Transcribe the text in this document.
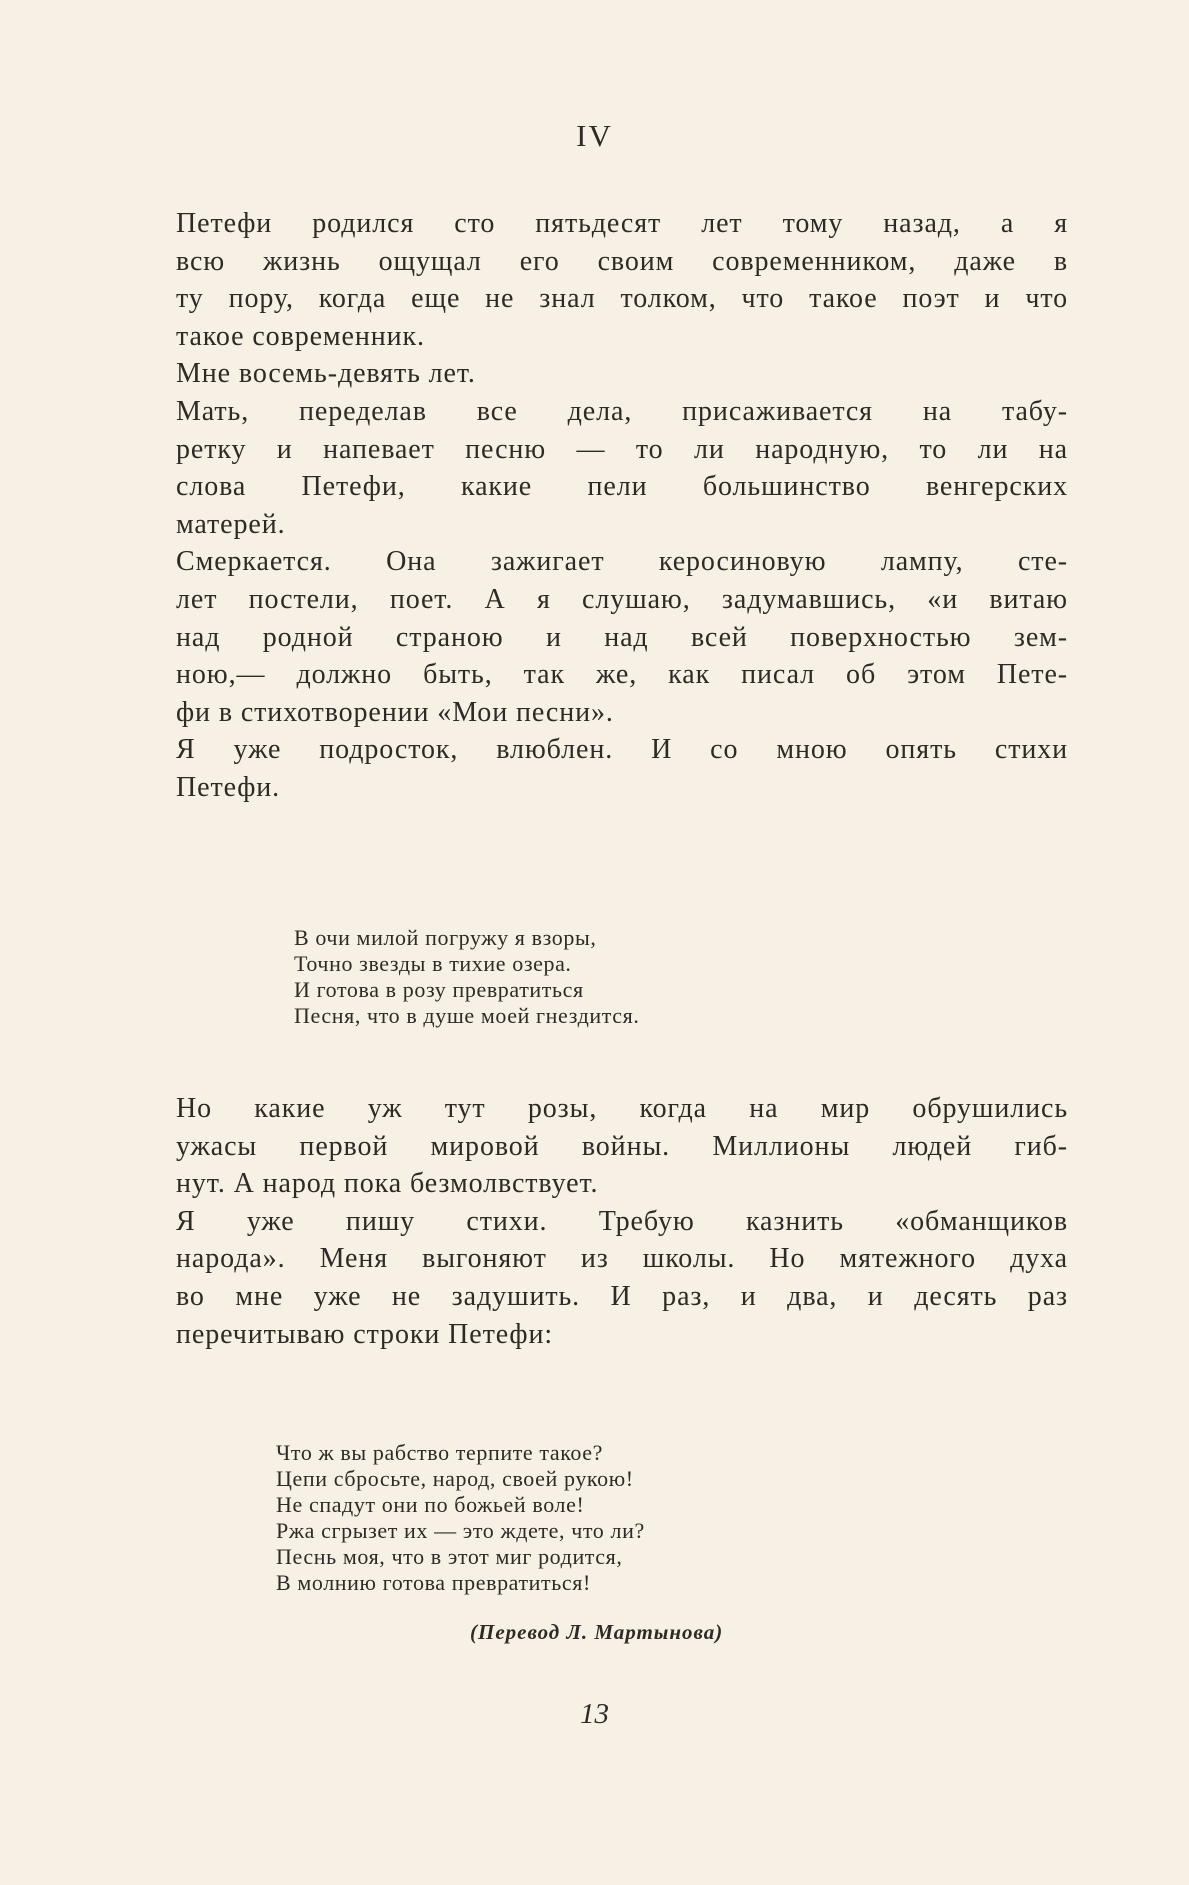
IV
Петефи родился сто пятьдесят лет тому назад, а я
всю жизнь ощущал его своим современником, даже в
ту пору, когда еще не знал толком, что такое поэт и что
такое современник.
Мне восемь-девять лет.
Мать, переделав все дела, присаживается на табу-
ретку и напевает песню — то ли народную, то ли на
слова Петефи, какие пели большинство венгерских
матерей.
Смеркается. Она зажигает керосиновую лампу, сте-
лет постели, поет. А я слушаю, задумавшись, «и витаю
над родной страною и над всей поверхностью зем-
ною,— должно быть, так же, как писал об этом Пете-
фи в стихотворении «Мои песни».
Я уже подросток, влюблен. И со мною опять стихи
Петефи.
В очи милой погружу я взоры,
Точно звезды в тихие озера.
И готова в розу превратиться
Песня, что в душе моей гнездится.
Но какие уж тут розы, когда на мир обрушились
ужасы первой мировой войны. Миллионы людей гиб-
нут. А народ пока безмолвствует.
Я уже пишу стихи. Требую казнить «обманщиков
народа». Меня выгоняют из школы. Но мятежного духа
во мне уже не задушить. И раз, и два, и десять раз
перечитываю строки Петефи:
Что ж вы рабство терпите такое?
Цепи сбросьте, народ, своей рукою!
Не спадут они по божьей воле!
Ржа сгрызет их — это ждете, что ли?
Песнь моя, что в этот миг родится,
В молнию готова превратиться!
(Перевод Л. Мартынова)
13
